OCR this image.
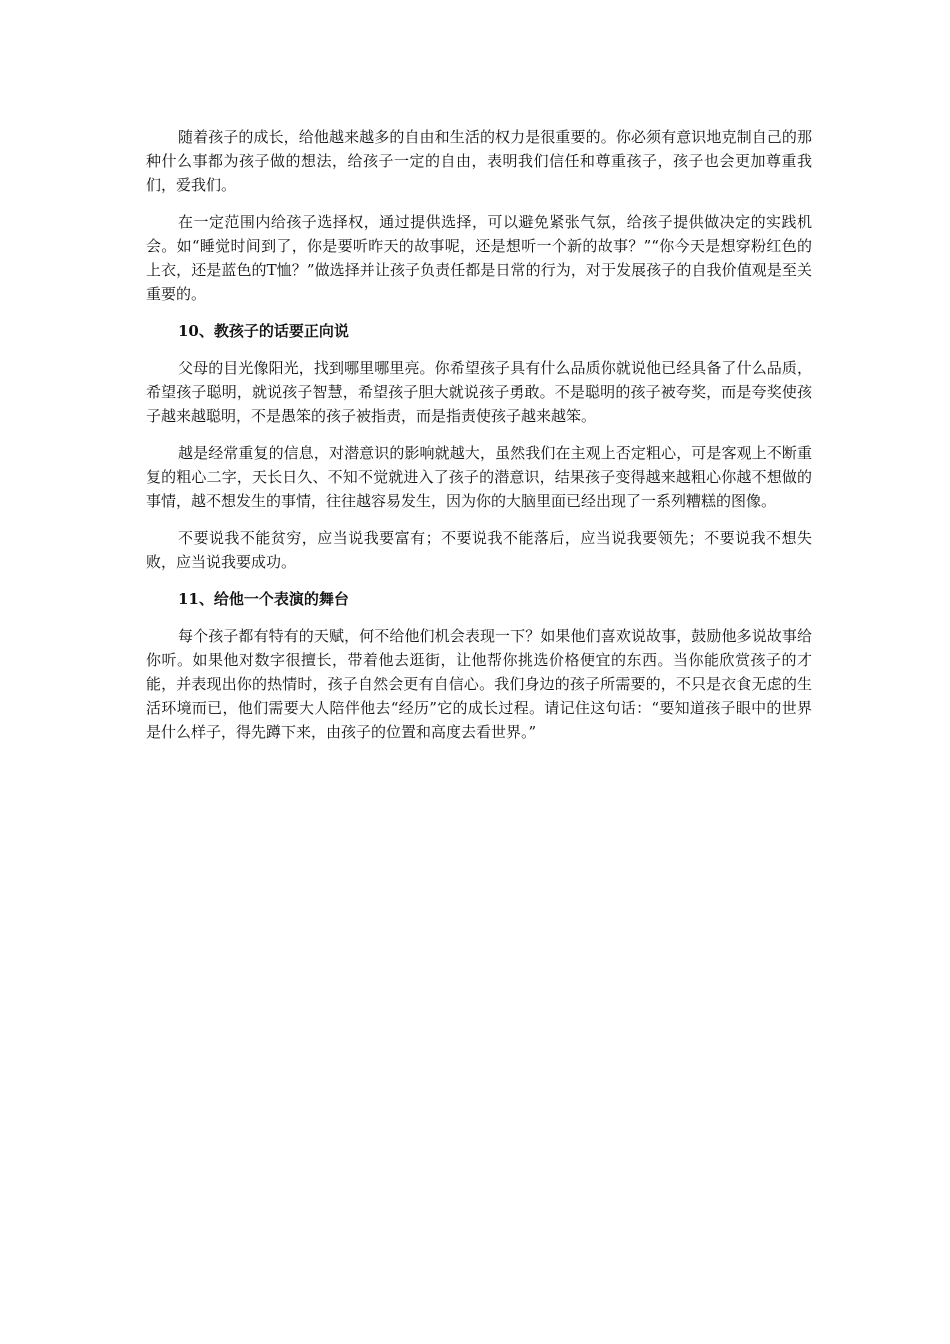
随着孩子的成长，给他越来越多的自由和生活的权力是很重要的。你必须有意识地克制自己的那种什么事都为孩子做的想法，给孩子一定的自由，表明我们信任和尊重孩子，孩子也会更加尊重我们，爱我们。

在一定范围内给孩子选择权，通过提供选择，可以避免紧张气氛，给孩子提供做决定的实践机会。如“睡觉时间到了，你是要听昨天的故事呢，还是想听一个新的故事？”“你今天是想穿粉红色的上衣，还是蓝色的T恤？”做选择并让孩子负责任都是日常的行为，对于发展孩子的自我价值观是至关重要的。

10、教孩子的话要正向说

父母的目光像阳光，找到哪里哪里亮。你希望孩子具有什么品质你就说他已经具备了什么品质，希望孩子聪明，就说孩子智慧，希望孩子胆大就说孩子勇敢。不是聪明的孩子被夸奖，而是夸奖使孩子越来越聪明，不是愚笨的孩子被指责，而是指责使孩子越来越笨。

越是经常重复的信息，对潜意识的影响就越大，虽然我们在主观上否定粗心，可是客观上不断重复的粗心二字，天长日久、不知不觉就进入了孩子的潜意识，结果孩子变得越来越粗心你越不想做的事情，越不想发生的事情，往往越容易发生，因为你的大脑里面已经出现了一系列糟糕的图像。

不要说我不能贫穷，应当说我要富有；不要说我不能落后，应当说我要领先；不要说我不想失败，应当说我要成功。

11、给他一个表演的舞台

每个孩子都有特有的天赋，何不给他们机会表现一下？如果他们喜欢说故事，鼓励他多说故事给你听。如果他对数字很擅长，带着他去逛街，让他帮你挑选价格便宜的东西。当你能欣赏孩子的才能，并表现出你的热情时，孩子自然会更有自信心。我们身边的孩子所需要的，不只是衣食无虑的生活环境而已，他们需要大人陪伴他去“经历”它的成长过程。请记住这句话：“要知道孩子眼中的世界是什么样子，得先蹲下来，由孩子的位置和高度去看世界。”
